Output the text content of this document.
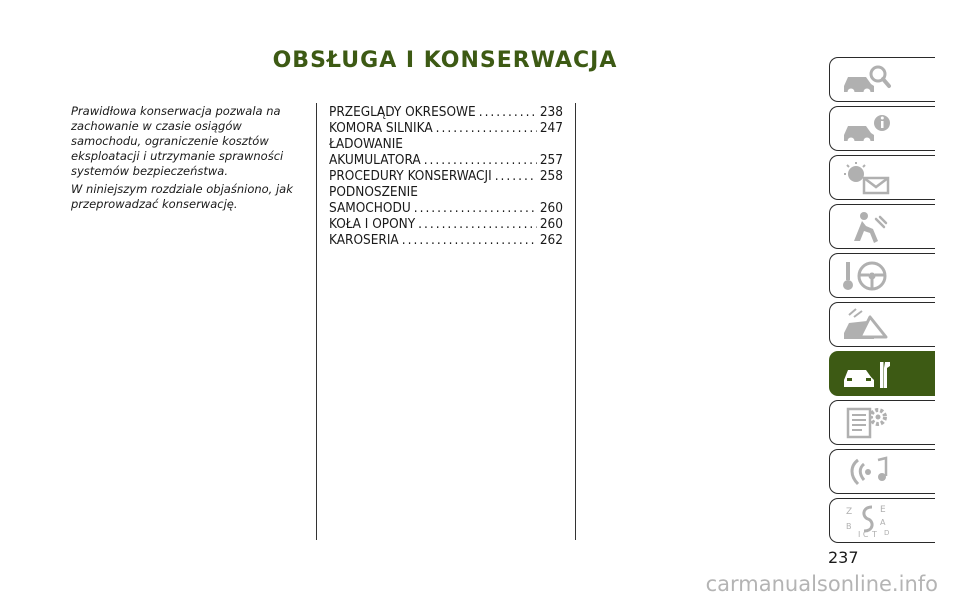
OBSŁUGA I KONSERWACJA

Prawidłowa konserwacja pozwala na zachowanie w czasie osiągów samochodu, ograniczenie kosztów eksploatacji i utrzymanie sprawności systemów bezpieczeństwa.

W niniejszym rozdziale objaśniono, jak przeprowadzać konserwację.

PRZEGLĄDY OKRESOWE .....	238
KOMORA SILNIKA .....	247
ŁADOWANIE
AKUMULATORA .....	257
PROCEDURY KONSERWACJI .....	258
PODNOSZENIE
SAMOCHODU .....	260
KOŁA I OPONY .....	260
KAROSERIA .....	262
Z	E
B	A
I C T D
237
carmanualsonline.info
